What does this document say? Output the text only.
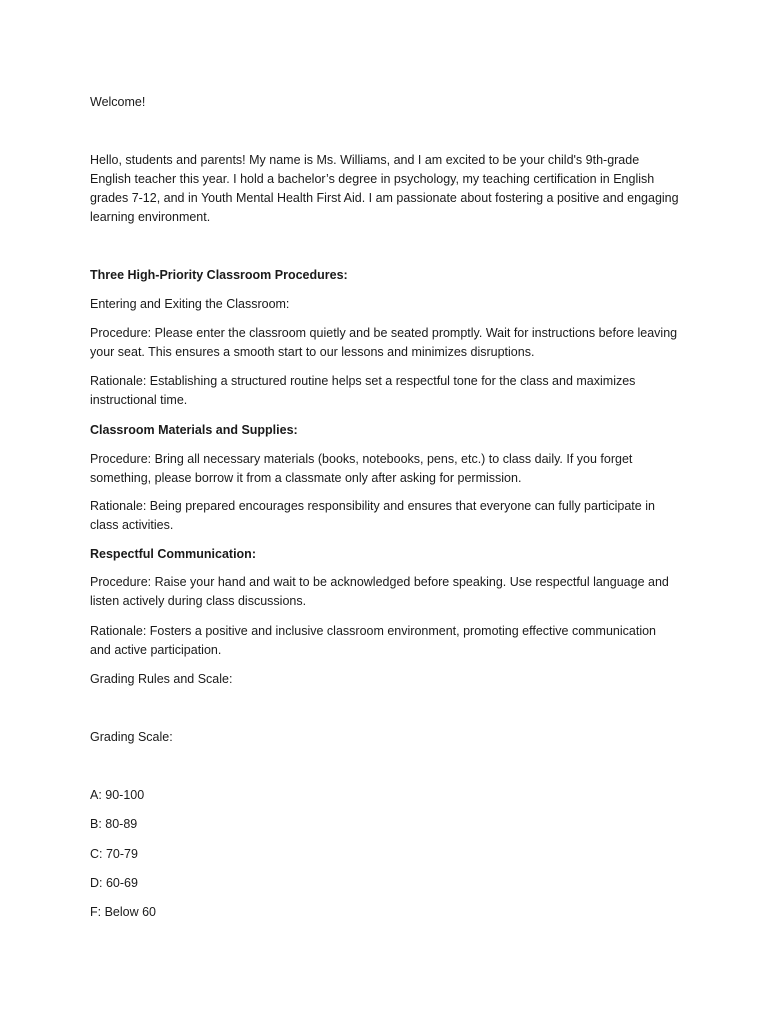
Welcome!

Hello, students and parents! My name is Ms. Williams, and I am excited to be your child's 9th-grade English teacher this year. I hold a bachelor’s degree in psychology, my teaching certification in English grades 7-12, and in Youth Mental Health First Aid. I am passionate about fostering a positive and engaging learning environment.

Three High-Priority Classroom Procedures:

Entering and Exiting the Classroom:

Procedure: Please enter the classroom quietly and be seated promptly. Wait for instructions before leaving your seat. This ensures a smooth start to our lessons and minimizes disruptions.

Rationale: Establishing a structured routine helps set a respectful tone for the class and maximizes instructional time.

Classroom Materials and Supplies:

Procedure: Bring all necessary materials (books, notebooks, pens, etc.) to class daily. If you forget something, please borrow it from a classmate only after asking for permission.

Rationale: Being prepared encourages responsibility and ensures that everyone can fully participate in class activities.

Respectful Communication:

Procedure: Raise your hand and wait to be acknowledged before speaking. Use respectful language and listen actively during class discussions.

Rationale: Fosters a positive and inclusive classroom environment, promoting effective communication and active participation.

Grading Rules and Scale:

Grading Scale:

A: 90-100

B: 80-89

C: 70-79

D: 60-69

F: Below 60
